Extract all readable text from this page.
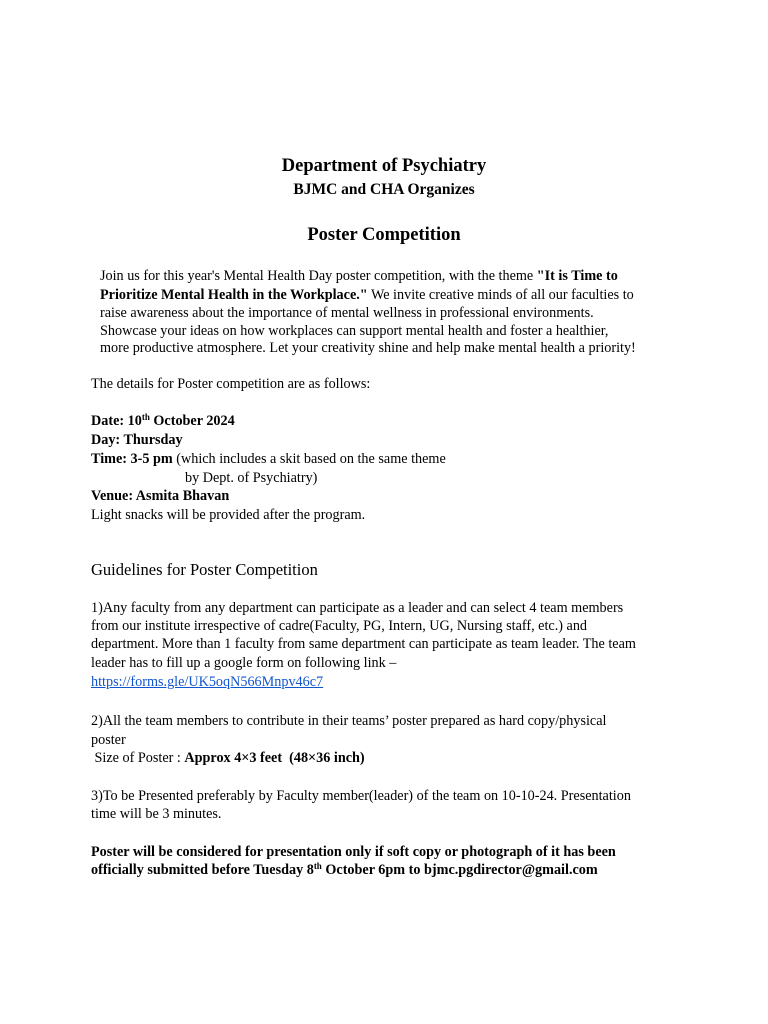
Department of Psychiatry
BJMC and CHA Organizes
Poster Competition
Join us for this year's Mental Health Day poster competition, with the theme "It is Time to
Prioritize Mental Health in the Workplace." We invite creative minds of all our faculties to
raise awareness about the importance of mental wellness in professional environments.
Showcase your ideas on how workplaces can support mental health and foster a healthier,
more productive atmosphere. Let your creativity shine and help make mental health a priority!
The details for Poster competition are as follows:
Date: 10th October 2024
Day: Thursday
Time: 3-5 pm (which includes a skit based on the same theme
by Dept. of Psychiatry)
Venue: Asmita Bhavan
Light snacks will be provided after the program.
Guidelines for Poster Competition
1)Any faculty from any department can participate as a leader and can select 4 team members
from our institute irrespective of cadre(Faculty, PG, Intern, UG, Nursing staff, etc.) and
department. More than 1 faculty from same department can participate as team leader. The team
leader has to fill up a google form on following link –
https://forms.gle/UK5oqN566Mnpv46c7
2)All the team members to contribute in their teams’ poster prepared as hard copy/physical
poster
Size of Poster : Approx 4×3 feet  (48×36 inch)
3)To be Presented preferably by Faculty member(leader) of the team on 10-10-24. Presentation
time will be 3 minutes.
Poster will be considered for presentation only if soft copy or photograph of it has been
officially submitted before Tuesday 8th October 6pm to bjmc.pgdirector@gmail.com
